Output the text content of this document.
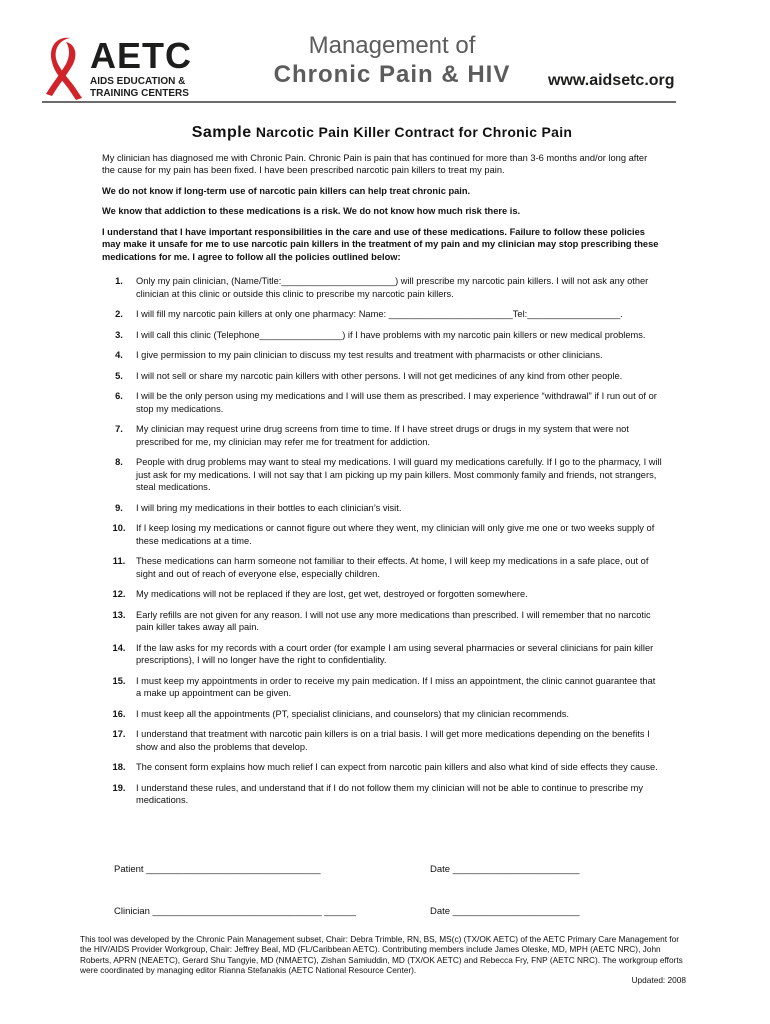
AETC
AIDS EDUCATION &
TRAINING CENTERS
Management of
Chronic Pain & HIV	www.aidsetc.org
Sample Narcotic Pain Killer Contract for Chronic Pain

My clinician has diagnosed me with Chronic Pain. Chronic Pain is pain that has continued for more than 3-6 months and/or long after the cause for my pain has been fixed. I have been prescribed narcotic pain killers to treat my pain.

We do not know if long-term use of narcotic pain killers can help treat chronic pain.

We know that addiction to these medications is a risk. We do not know how much risk there is.

I understand that I have important responsibilities in the care and use of these medications. Failure to follow these policies may make it unsafe for me to use narcotic pain killers in the treatment of my pain and my clinician may stop prescribing these medications for me. I agree to follow all the policies outlined below:

1.	Only my pain clinician, (Name/Title:______________________) will prescribe my narcotic pain killers. I will not ask any other clinician at this clinic or outside this clinic to prescribe my narcotic pain killers.
2.	I will fill my narcotic pain killers at only one pharmacy: Name: ________________________Tel:__________________.
3.	I will call this clinic (Telephone________________) if I have problems with my narcotic pain killers or new medical problems.
4.	I give permission to my pain clinician to discuss my test results and treatment with pharmacists or other clinicians.
5.	I will not sell or share my narcotic pain killers with other persons. I will not get medicines of any kind from other people.
6.	I will be the only person using my medications and I will use them as prescribed. I may experience “withdrawal” if I run out of or stop my medications.
7.	My clinician may request urine drug screens from time to time. If I have street drugs or drugs in my system that were not prescribed for me, my clinician may refer me for treatment for addiction.
8.	People with drug problems may want to steal my medications. I will guard my medications carefully. If I go to the pharmacy, I will just ask for my medications. I will not say that I am picking up my pain killers. Most commonly family and friends, not strangers, steal medications.
9.	I will bring my medications in their bottles to each clinician’s visit.
10.	If I keep losing my medications or cannot figure out where they went, my clinician will only give me one or two weeks supply of these medications at a time.
11.	These medications can harm someone not familiar to their effects. At home, I will keep my medications in a safe place, out of sight and out of reach of everyone else, especially children.
12.	My medications will not be replaced if they are lost, get wet, destroyed or forgotten somewhere.
13.	Early refills are not given for any reason. I will not use any more medications than prescribed. I will remember that no narcotic pain killer takes away all pain.
14.	If the law asks for my records with a court order (for example I am using several pharmacies or several clinicians for pain killer prescriptions), I will no longer have the right to confidentiality.
15.	I must keep my appointments in order to receive my pain medication. If I miss an appointment, the clinic cannot guarantee that a make up appointment can be given.
16.	I must keep all the appointments (PT, specialist clinicians, and counselors) that my clinician recommends.
17.	I understand that treatment with narcotic pain killers is on a trial basis. I will get more medications depending on the benefits I show and also the problems that develop.
18.	The consent form explains how much relief I can expect from narcotic pain killers and also what kind of side effects they cause.
19.	I understand these rules, and understand that if I do not follow them my clinician will not be able to continue to prescribe my medications.
Patient _________________________________	Date ________________________
Clinician ________________________________ ______	Date ________________________
This tool was developed by the Chronic Pain Management subset, Chair: Debra Trimble, RN, BS, MS(c) (TX/OK AETC) of the AETC Primary Care Management for the HIV/AIDS Provider Workgroup, Chair: Jeffrey Beal, MD (FL/Caribbean AETC). Contributing members include James Oleske, MD, MPH (AETC NRC), John Roberts, APRN (NEAETC), Gerard Shu Tangyie, MD (NMAETC), Zishan Samiuddin, MD (TX/OK AETC) and Rebecca Fry, FNP (AETC NRC). The workgroup efforts were coordinated by managing editor Rianna Stefanakis (AETC National Resource Center).
Updated: 2008
